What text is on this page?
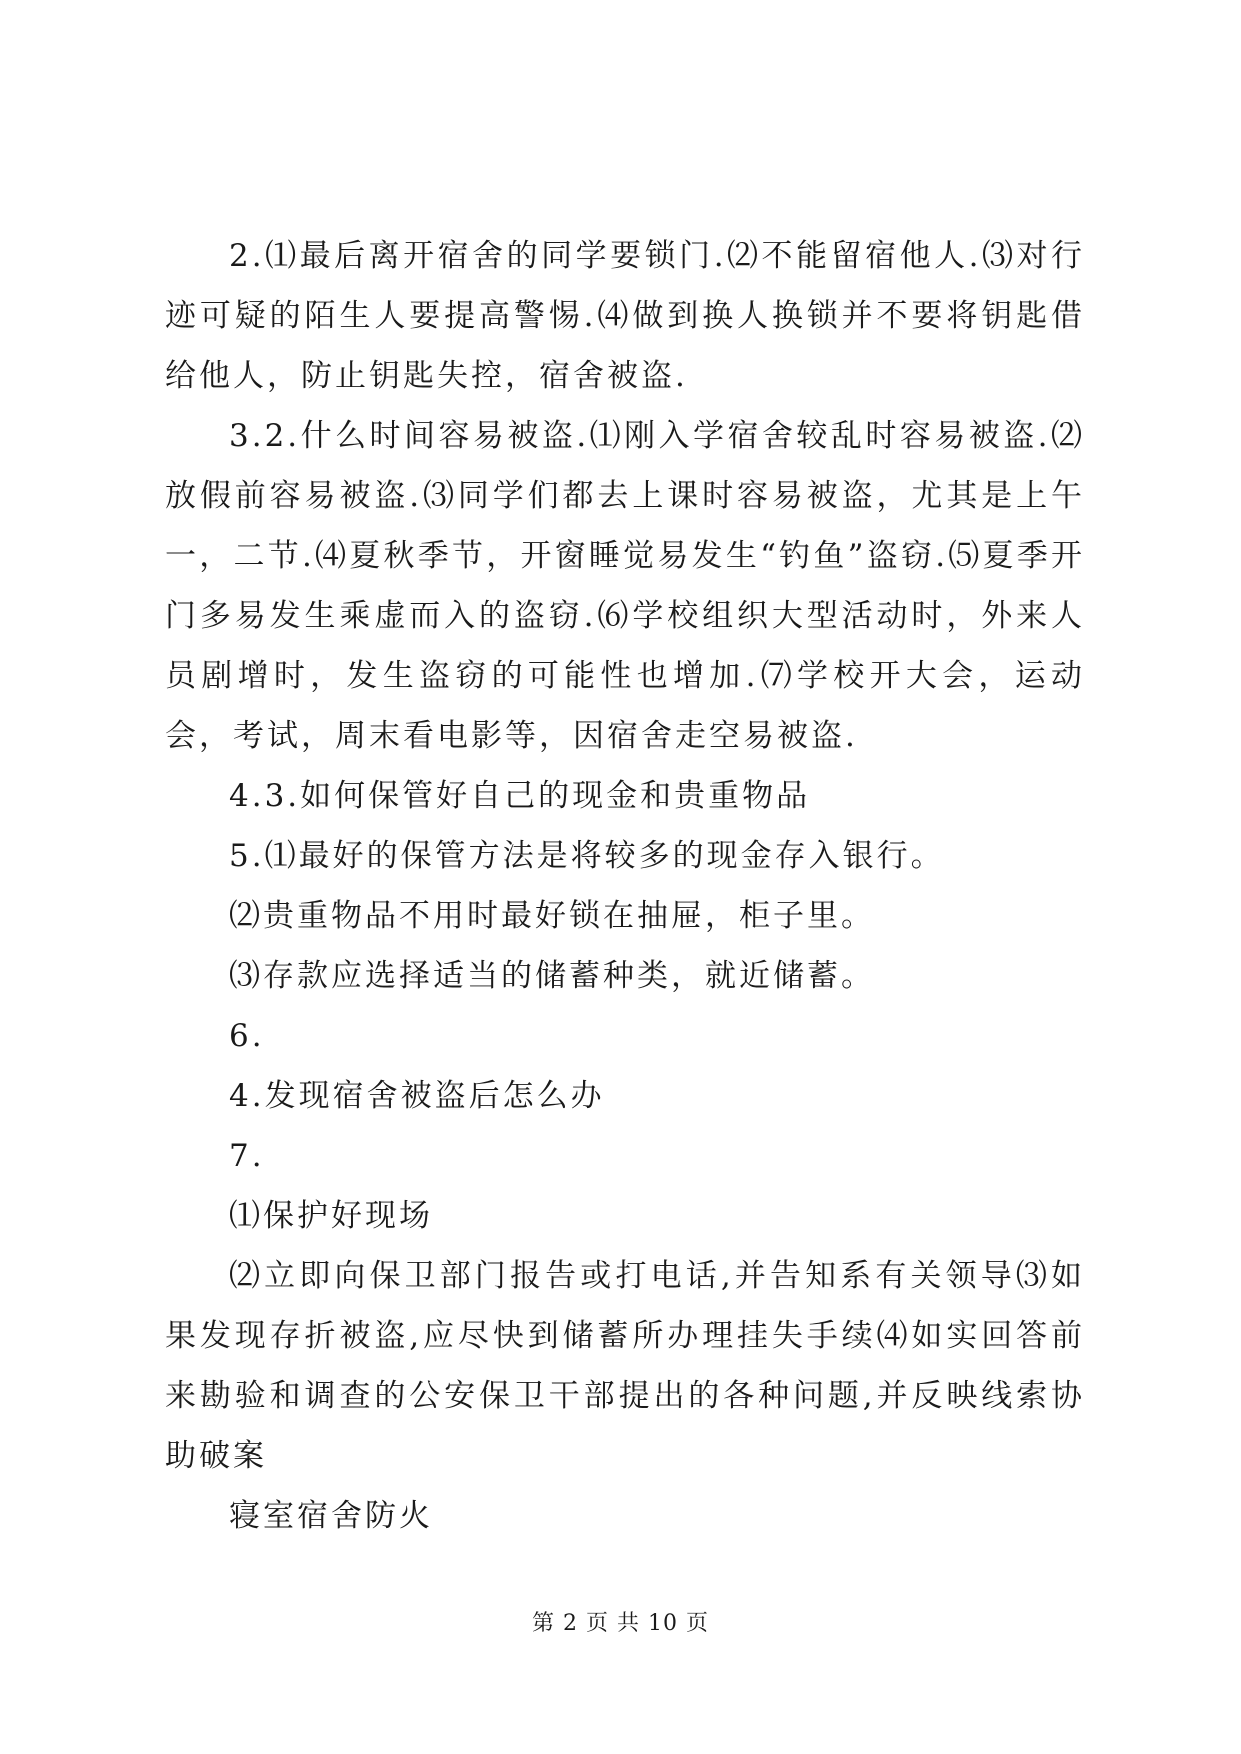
2.⑴最后离开宿舍的同学要锁门.⑵不能留宿他人.⑶对行迹可疑的陌生人要提高警惕.⑷做到换人换锁并不要将钥匙借给他人，防止钥匙失控，宿舍被盗.

3.2.什么时间容易被盗.⑴刚入学宿舍较乱时容易被盗.⑵放假前容易被盗.⑶同学们都去上课时容易被盗，尤其是上午一，二节.⑷夏秋季节，开窗睡觉易发生“钓鱼”盗窃.⑸夏季开门多易发生乘虚而入的盗窃.⑹学校组织大型活动时，外来人员剧增时，发生盗窃的可能性也增加.⑺学校开大会，运动会，考试，周末看电影等，因宿舍走空易被盗.

4.3.如何保管好自己的现金和贵重物品

5.⑴最好的保管方法是将较多的现金存入银行。

⑵贵重物品不用时最好锁在抽屉，柜子里。

⑶存款应选择适当的储蓄种类，就近储蓄。

6.

4.发现宿舍被盗后怎么办

7.

⑴保护好现场

⑵立即向保卫部门报告或打电话,并告知系有关领导⑶如果发现存折被盗,应尽快到储蓄所办理挂失手续⑷如实回答前来勘验和调查的公安保卫干部提出的各种问题,并反映线索协助破案

寝室宿舍防火

第 2 页 共 10 页
